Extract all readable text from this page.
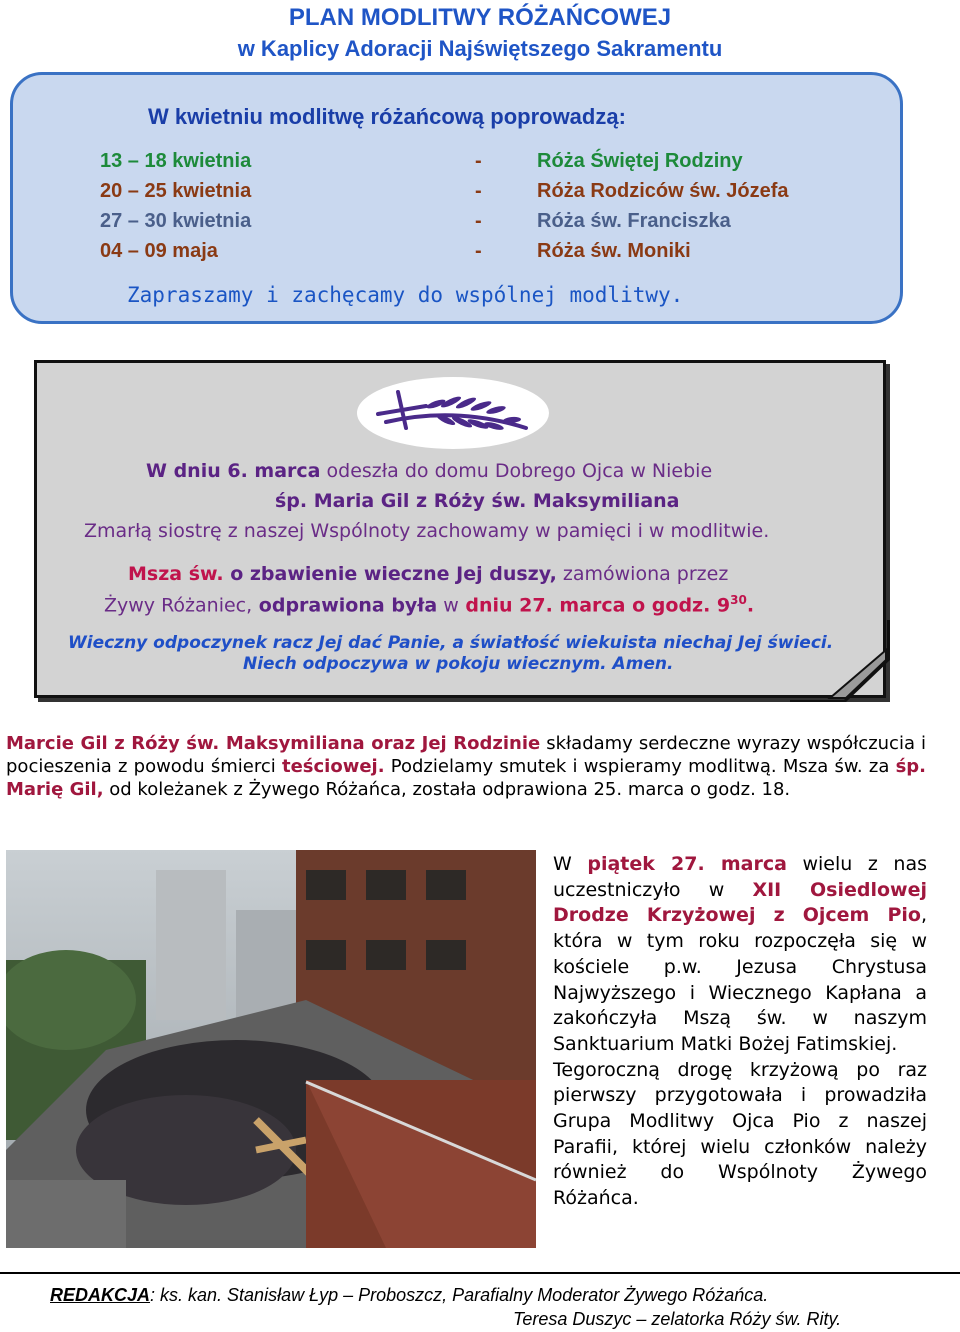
PLAN MODLITWY RÓŻAŃCOWEJ
w Kaplicy Adoracji Najświętszego Sakramentu
W kwietniu modlitwę różańcową poprowadzą:
13 – 18 kwietnia	-	Róża Świętej Rodziny
20 – 25 kwietnia	-	Róża Rodziców św. Józefa
27 – 30 kwietnia	-	Róża św. Franciszka
04 – 09 maja	-	Róża św. Moniki
Zapraszamy i zachęcamy do wspólnej modlitwy.
W dniu 6. marca odeszła do domu Dobrego Ojca w Niebie
śp. Maria Gil z Róży św. Maksymiliana
Zmarłą siostrę z naszej Wspólnoty zachowamy w pamięci i w modlitwie.
Msza św. o zbawienie wieczne Jej duszy, zamówiona przez
Żywy Różaniec, odprawiona była w dniu 27. marca o godz. $9^{30}$.
Wieczny odpoczynek racz Jej dać Panie, a światłość wiekuista niechaj Jej świeci.
Niech odpoczywa w pokoju wiecznym. Amen.
Marcie Gil z Róży św. Maksymiliana oraz Jej Rodzinie składamy serdeczne wyrazy współczucia i pocieszenia z powodu śmierci teściowej. Podzielamy smutek i wspieramy modlitwą. Msza św. za śp. Marię Gil, od koleżanek z Żywego Różańca, została odprawiona 25. marca o godz. 18.
W piątek 27. marca wielu z nas uczestniczyło w XII Osiedlowej Drodze Krzyżowej z Ojcem Pio, która w tym roku rozpoczęła się w kościele p.w. Jezusa Chrystusa Najwyższego i Wiecznego Kapłana a zakończyła Mszą św. w naszym Sanktuarium Matki Bożej Fatimskiej.
Tegoroczną drogę krzyżową po raz pierwszy przygotowała i prowadziła Grupa Modlitwy Ojca Pio z naszej Parafii, której wielu członków należy również do Wspólnoty Żywego Różańca.
REDAKCJA: ks. kan. Stanisław Łyp – Proboszcz, Parafialny Moderator Żywego Różańca.
Teresa Duszyc – zelatorka Róży św. Rity.
